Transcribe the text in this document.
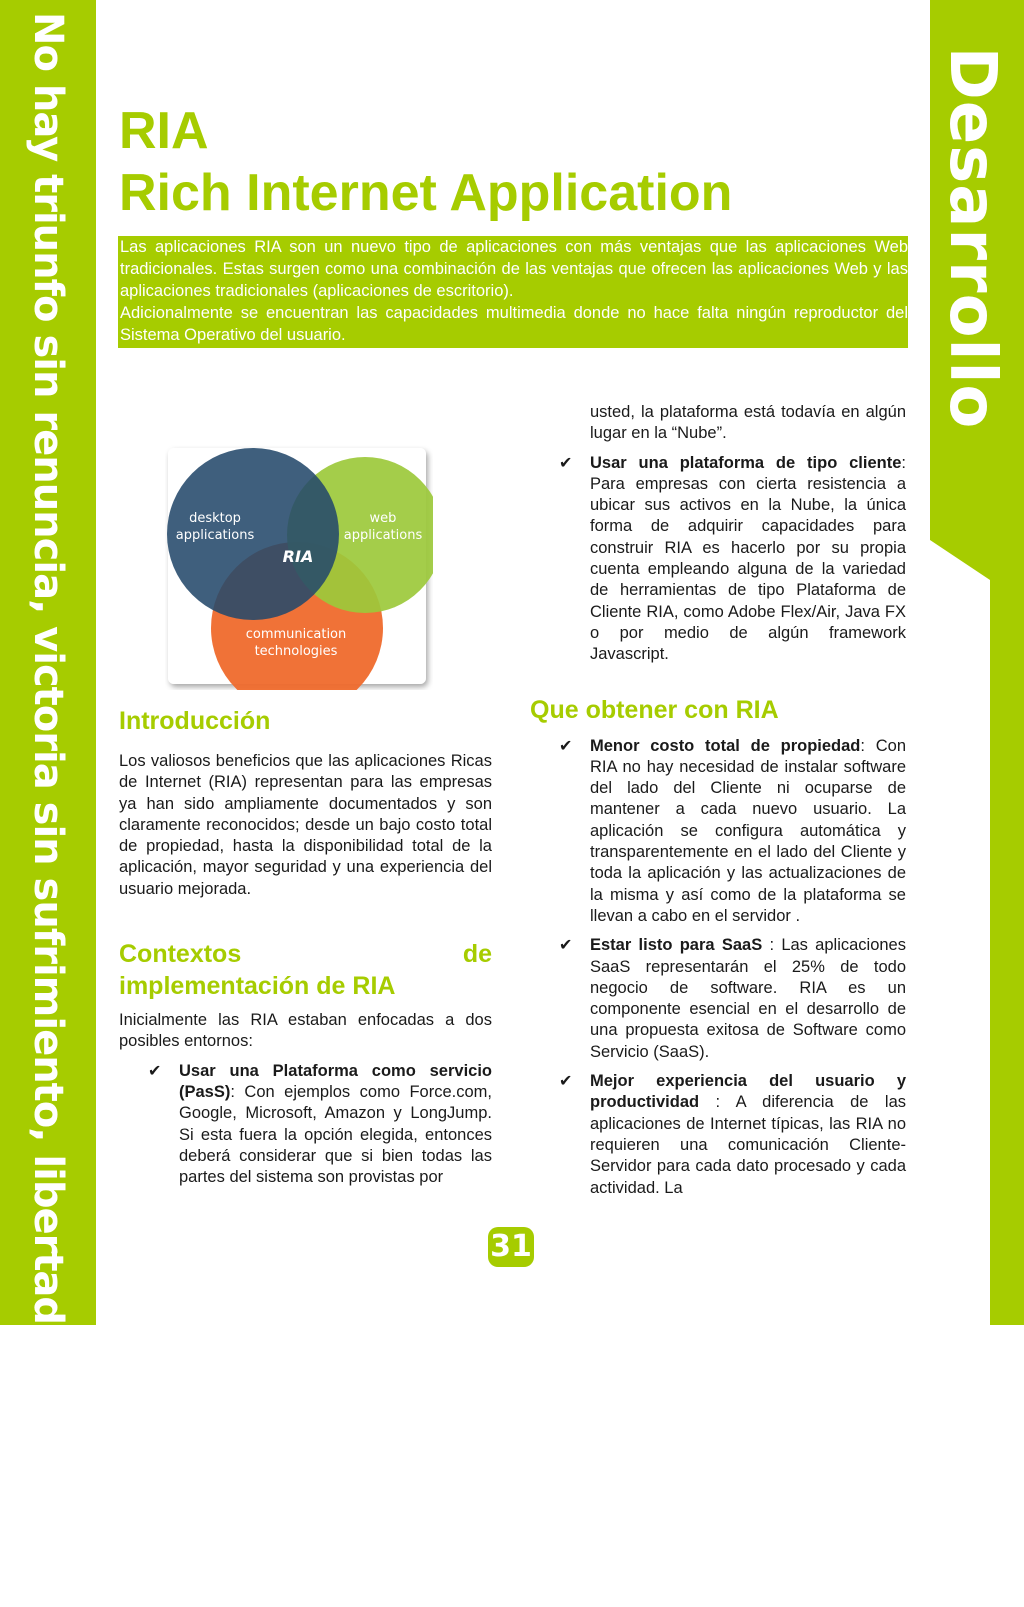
No hay triunfo sin renuncia, victoria sin sufrimiento, libertad sin sacrificio	Desarrollo
RIA
Rich Internet Application

Las aplicaciones RIA son un nuevo tipo de aplicaciones con más ventajas que las aplicaciones Web tradicionales. Estas surgen como una combinación de las ventajas que ofrecen las aplicaciones Web y las aplicaciones tradicionales (aplicaciones de escritorio).

Adicionalmente se encuentran las capacidades multimedia donde no hace falta ningún reproductor del Sistema Operativo del usuario.

desktop
applications
web
applications
RIA
communication
technologies
Introducción

Los valiosos beneficios que las aplicaciones Ricas de Internet (RIA) representan para las empresas ya han sido ampliamente documentados y son claramente reconocidos; desde un bajo costo total de propiedad, hasta la disponibilidad total de la aplicación, mayor seguridad y una experiencia del usuario mejorada.

Contextos de
implementación de RIA

Inicialmente las RIA estaban enfocadas a dos posibles entornos:

✔ Usar una Plataforma como servicio (PasS): Con ejemplos como Force.com, Google, Microsoft, Amazon y LongJump. Si esta fuera la opción elegida, entonces deberá considerar que si bien todas las partes del sistema son provistas por
usted, la plataforma está todavía en algún lugar en la “Nube”.
✔ Usar una plataforma de tipo cliente: Para empresas con cierta resistencia a ubicar sus activos en la Nube, la única forma de adquirir capacidades para construir RIA es hacerlo por su propia cuenta empleando alguna de la variedad de herramientas de tipo Plataforma de Cliente RIA, como Adobe Flex/Air, Java FX o por medio de algún framework Javascript.
Que obtener con RIA
✔ Menor costo total de propiedad: Con RIA no hay necesidad de instalar software del lado del Cliente ni ocuparse de mantener a cada nuevo usuario. La aplicación se configura automática y transparentemente en el lado del Cliente y toda la aplicación y las actualizaciones de la misma y así como de la plataforma se llevan a cabo en el servidor .
✔ Estar listo para SaaS : Las aplicaciones SaaS representarán el 25% de todo negocio de software. RIA es un componente esencial en el desarrollo de una propuesta exitosa de Software como Servicio (SaaS).
✔ Mejor experiencia del usuario y productividad : A diferencia de las aplicaciones de Internet típicas, las RIA no requieren una comunicación Cliente-Servidor para cada dato procesado y cada actividad. La
31
